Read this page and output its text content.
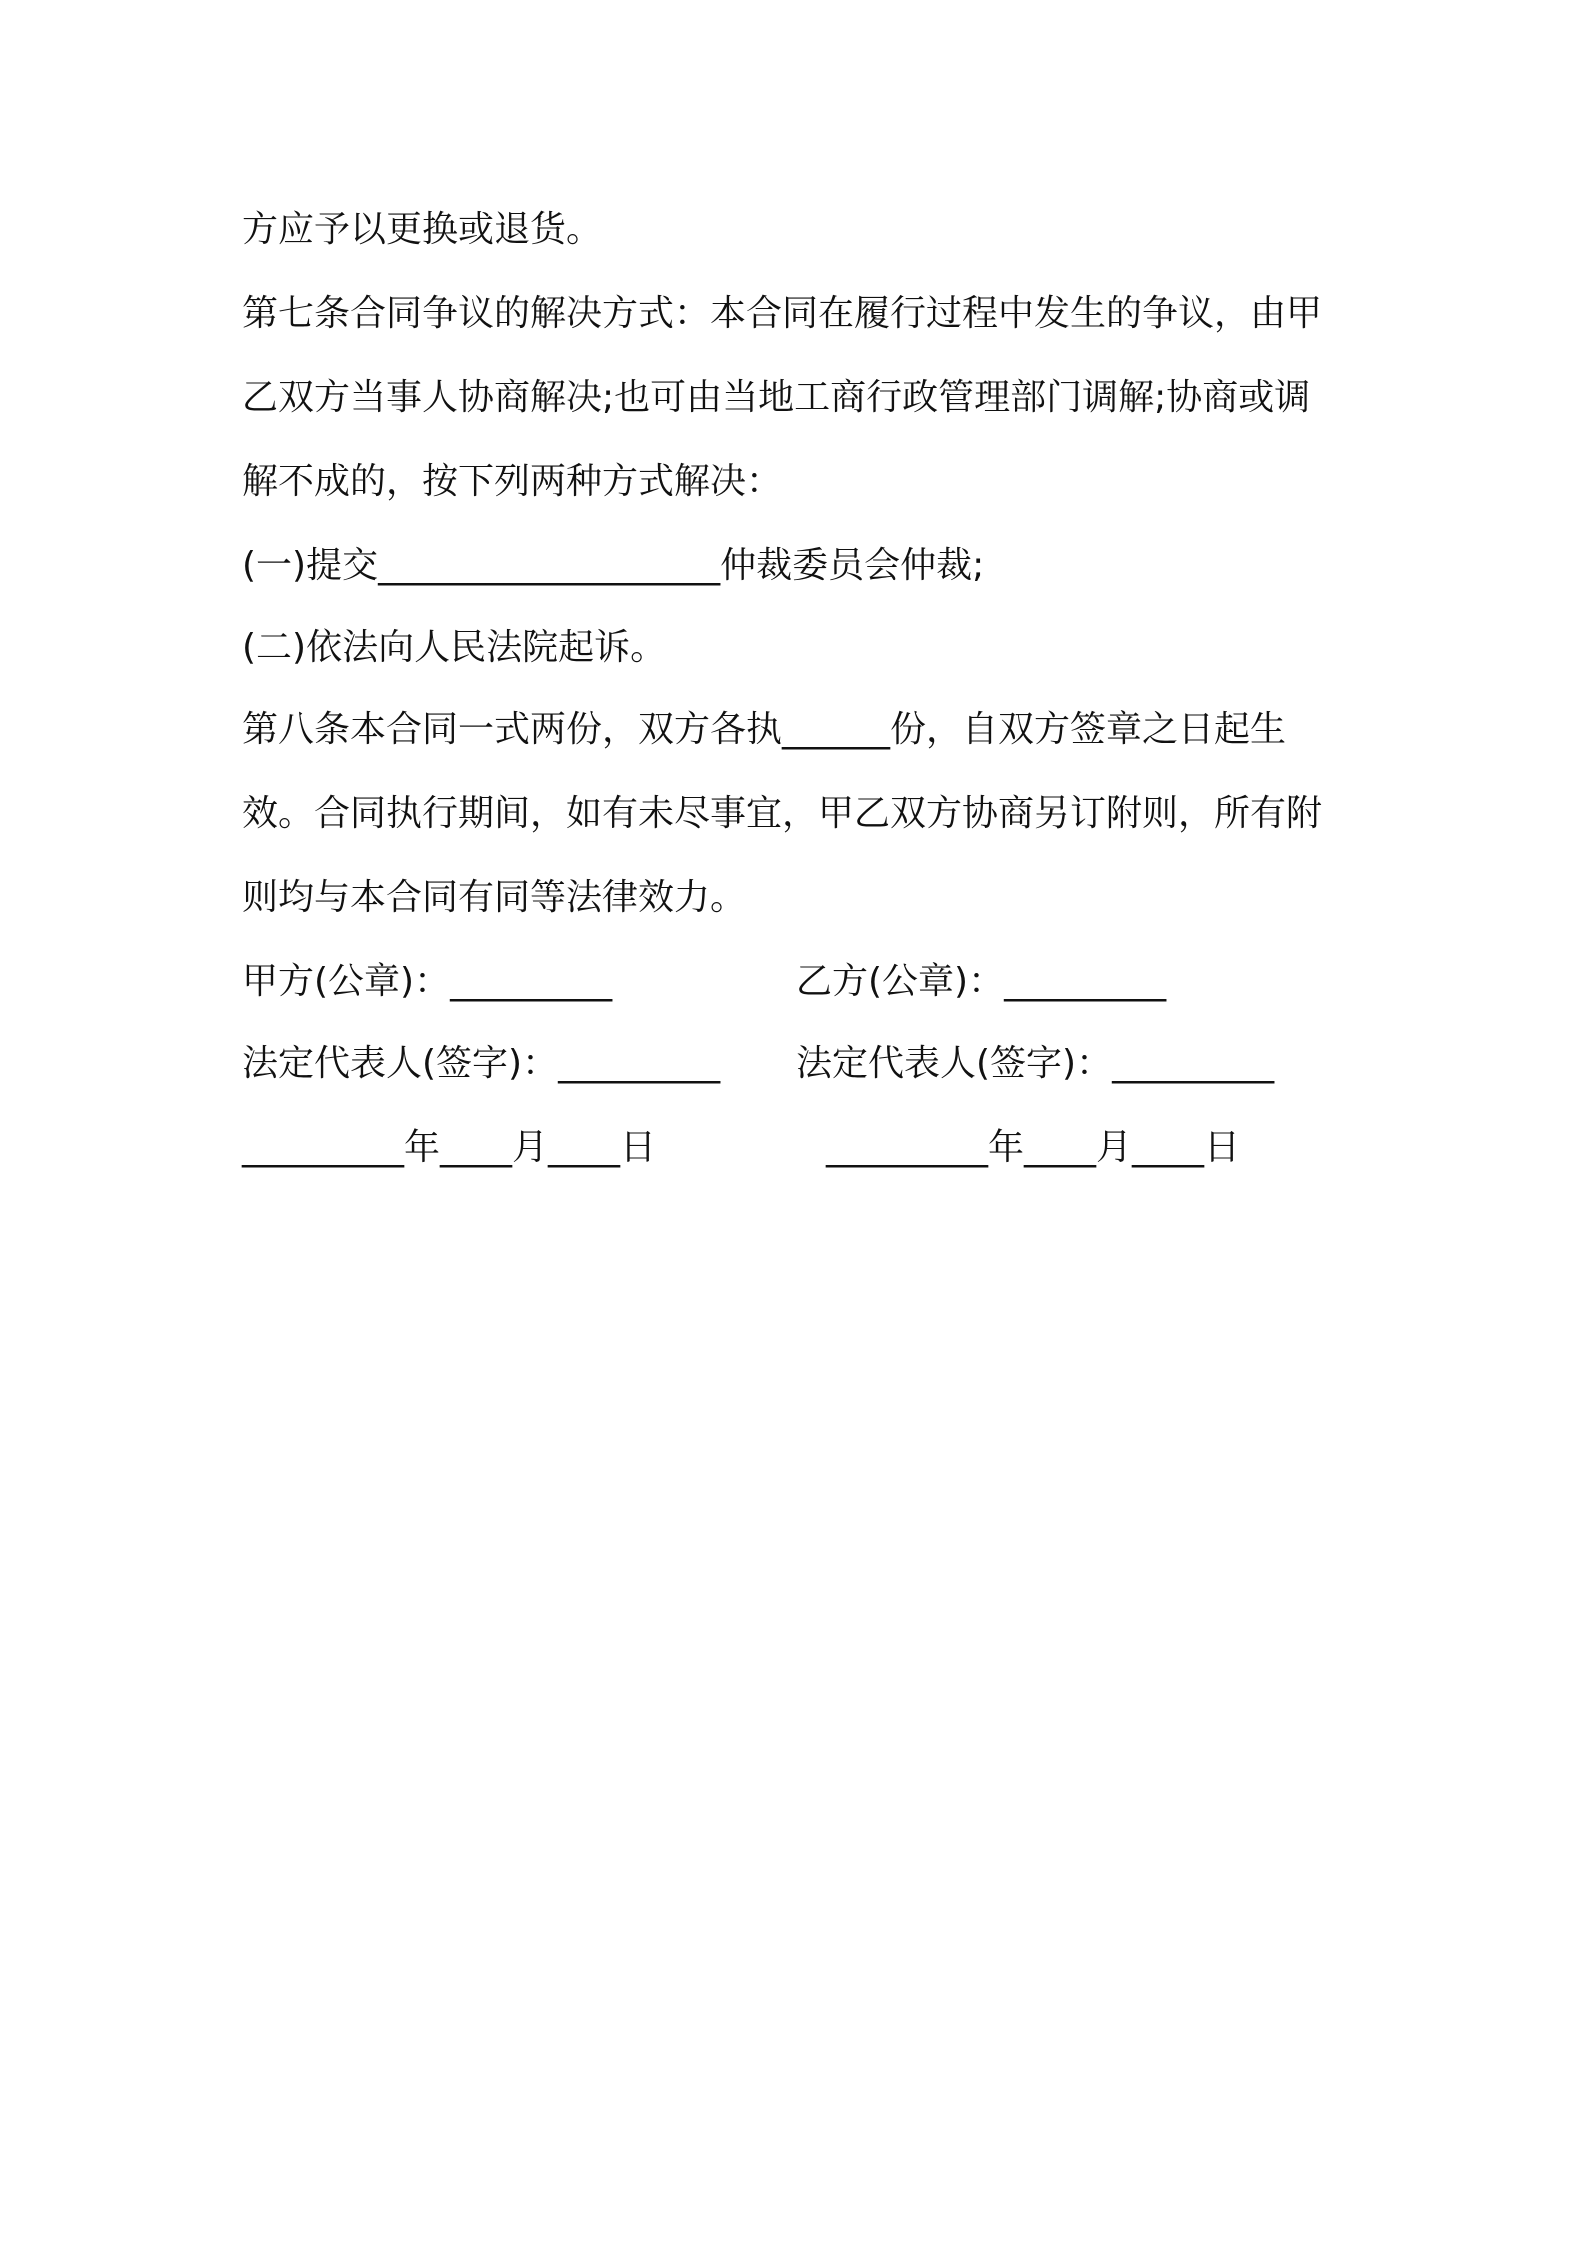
方应予以更换或退货。
第七条合同争议的解决方式：本合同在履行过程中发生的争议，由甲
乙双方当事人协商解决;也可由当地工商行政管理部门调解;协商或调
解不成的，按下列两种方式解决：
(一)提交___________________仲裁委员会仲裁;
(二)依法向人民法院起诉。
第八条本合同一式两份，双方各执______份，自双方签章之日起生
效。合同执行期间，如有未尽事宜，甲乙双方协商另订附则，所有附
则均与本合同有同等法律效力。
甲方(公章)：_________	乙方(公章)：_________
法定代表人(签字)：_________ 法定代表人(签字)：_________
_________年____月____日	_________年____月____日
